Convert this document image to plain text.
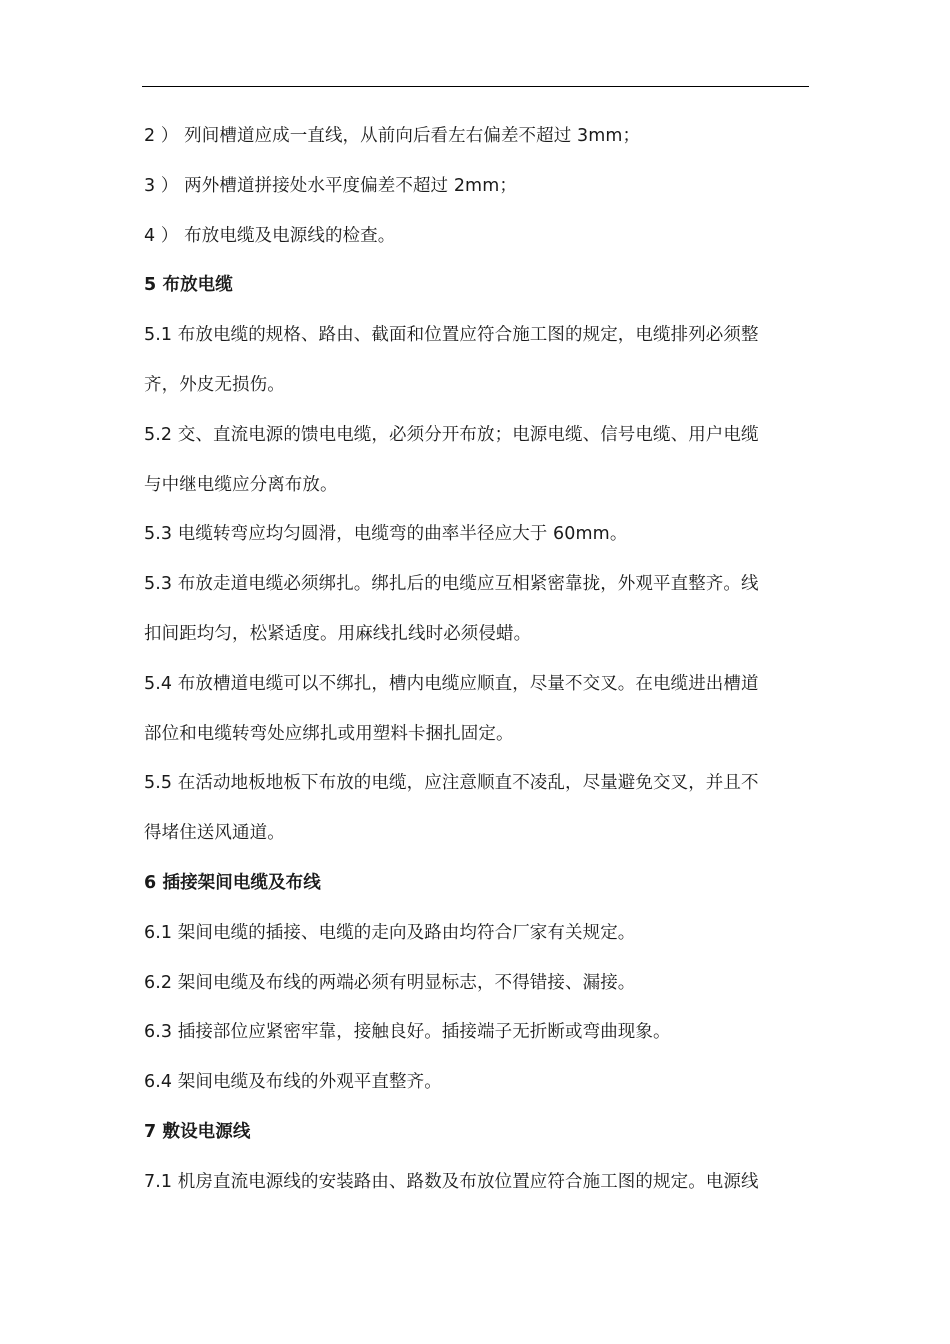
2 ） 列间槽道应成一直线，从前向后看左右偏差不超过 3mm；
3 ） 两外槽道拼接处水平度偏差不超过 2mm；
4 ） 布放电缆及电源线的检查。
5 布放电缆
5.1 布放电缆的规格、路由、截面和位置应符合施工图的规定，电缆排列必须整
齐，外皮无损伤。
5.2 交、直流电源的馈电电缆，必须分开布放；电源电缆、信号电缆、用户电缆
与中继电缆应分离布放。
5.3 电缆转弯应均匀圆滑，电缆弯的曲率半径应大于 60mm。
5.3 布放走道电缆必须绑扎。绑扎后的电缆应互相紧密靠拢，外观平直整齐。线
扣间距均匀，松紧适度。用麻线扎线时必须侵蜡。
5.4 布放槽道电缆可以不绑扎，槽内电缆应顺直，尽量不交叉。在电缆进出槽道
部位和电缆转弯处应绑扎或用塑料卡捆扎固定。
5.5 在活动地板地板下布放的电缆，应注意顺直不凌乱，尽量避免交叉，并且不
得堵住送风通道。
6 插接架间电缆及布线
6.1 架间电缆的插接、电缆的走向及路由均符合厂家有关规定。
6.2 架间电缆及布线的两端必须有明显标志，不得错接、漏接。
6.3 插接部位应紧密牢靠，接触良好。插接端子无折断或弯曲现象。
6.4 架间电缆及布线的外观平直整齐。
7 敷设电源线
7.1 机房直流电源线的安装路由、路数及布放位置应符合施工图的规定。电源线
